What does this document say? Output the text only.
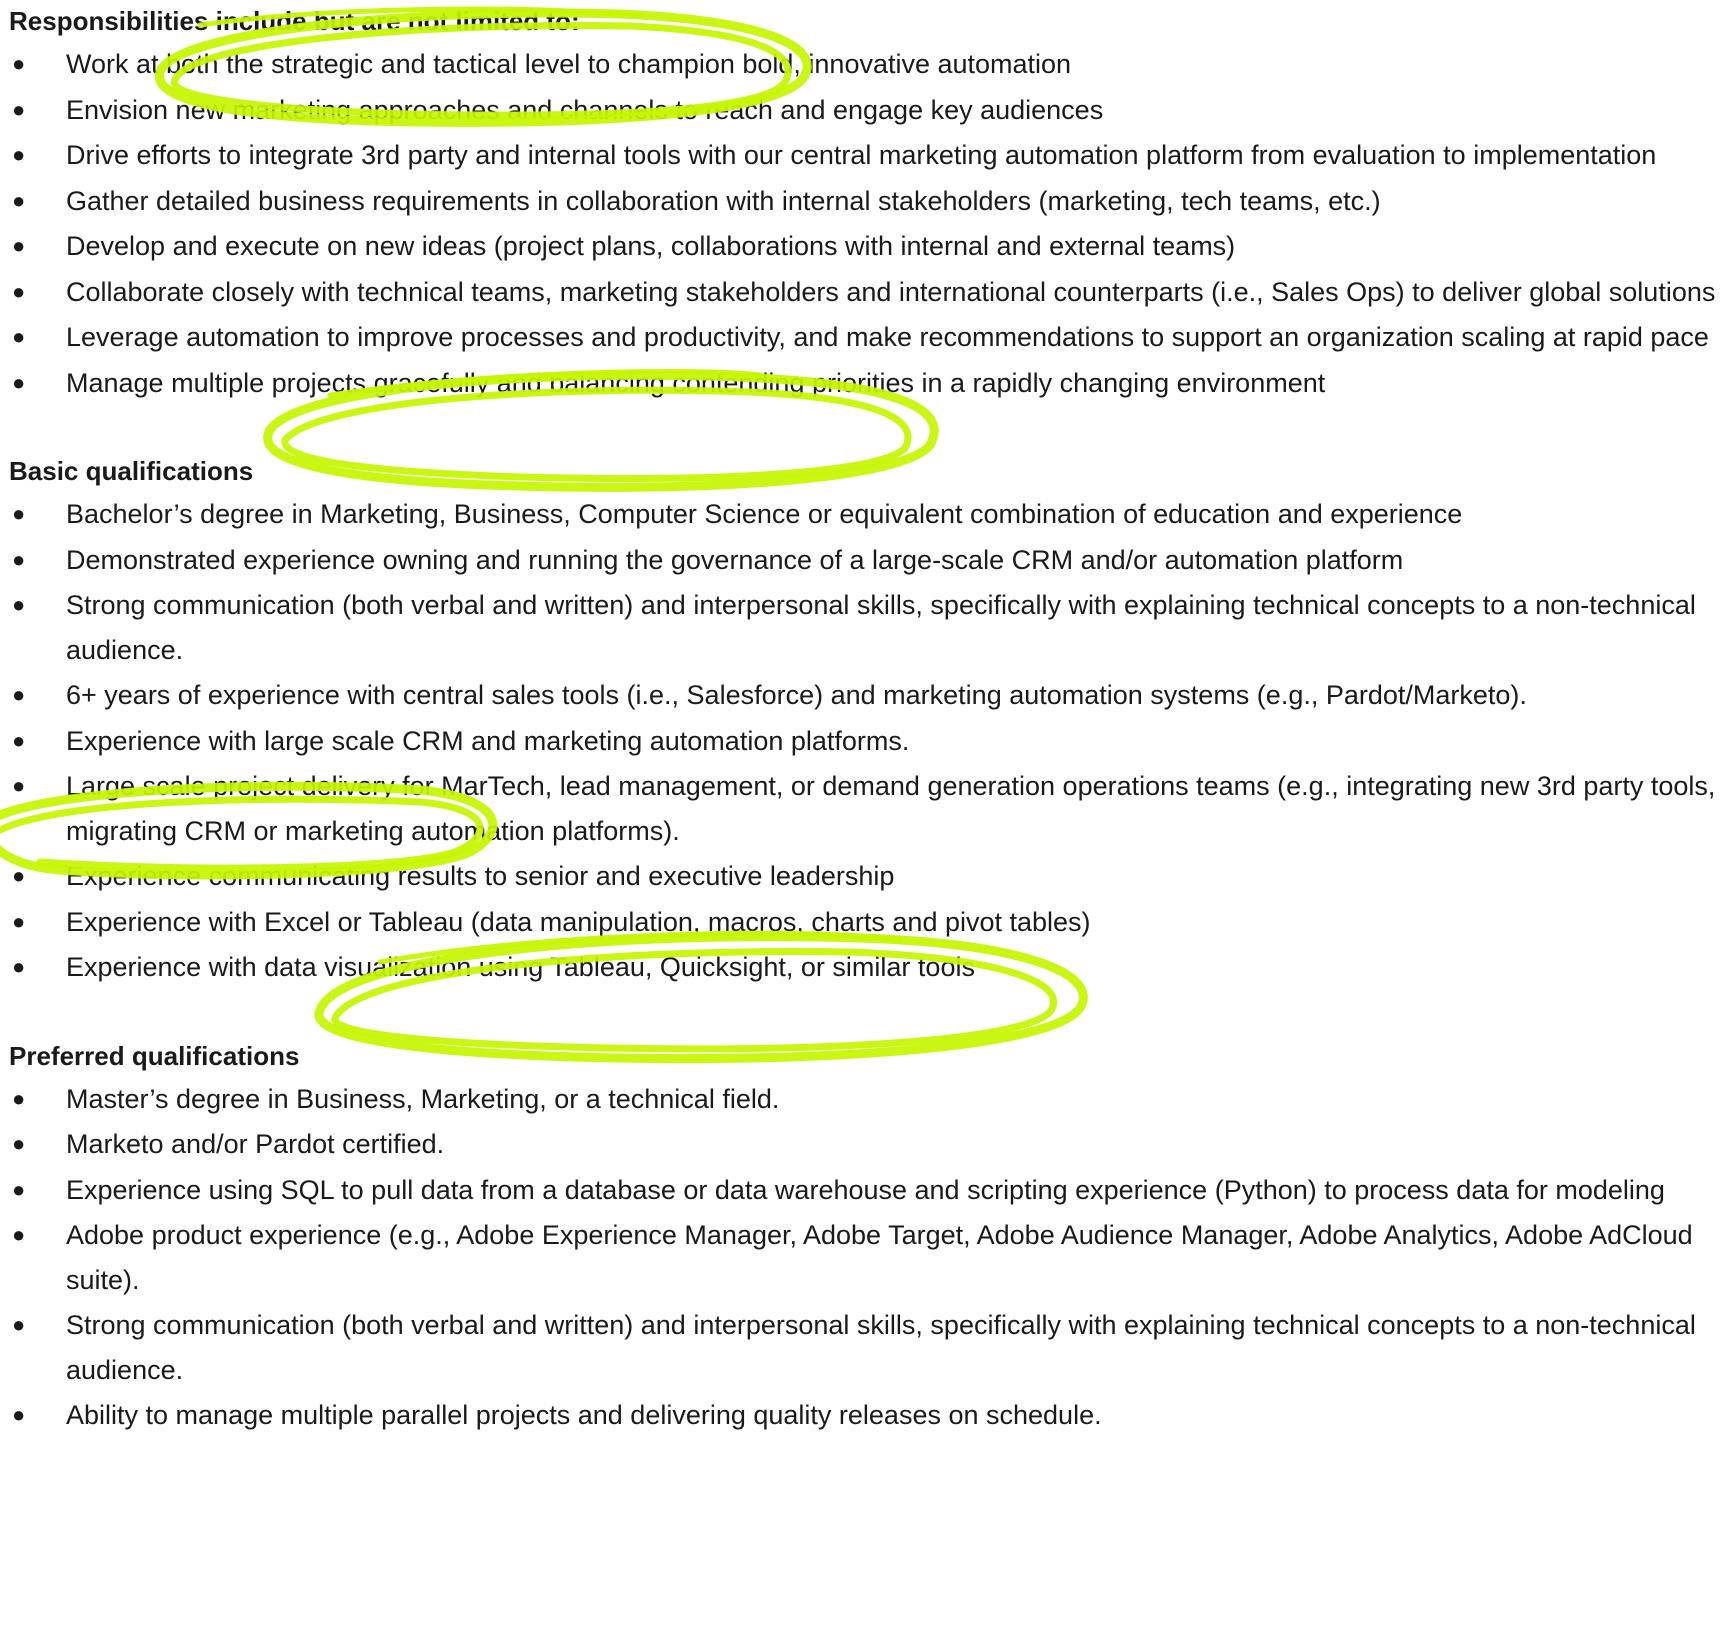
Responsibilities include but are not limited to:
● Work at both the strategic and tactical level to champion bold, innovative automation
● Envision new marketing approaches and channels to reach and engage key audiences
● Drive efforts to integrate 3rd party and internal tools with our central marketing automation platform from evaluation to implementation
● Gather detailed business requirements in collaboration with internal stakeholders (marketing, tech teams, etc.)
● Develop and execute on new ideas (project plans, collaborations with internal and external teams)
● Collaborate closely with technical teams, marketing stakeholders and international counterparts (i.e., Sales Ops) to deliver global solutions
● Leverage automation to improve processes and productivity, and make recommendations to support an organization scaling at rapid pace
● Manage multiple projects gracefully and balancing contending priorities in a rapidly changing environment
Basic qualifications
● Bachelor’s degree in Marketing, Business, Computer Science or equivalent combination of education and experience
● Demonstrated experience owning and running the governance of a large-scale CRM and/or automation platform
● Strong communication (both verbal and written) and interpersonal skills, specifically with explaining technical concepts to a non-technical audience.
● 6+ years of experience with central sales tools (i.e., Salesforce) and marketing automation systems (e.g., Pardot/Marketo).
● Experience with large scale CRM and marketing automation platforms.
● Large scale project delivery for MarTech, lead management, or demand generation operations teams (e.g., integrating new 3rd party tools, migrating CRM or marketing automation platforms).
● Experience communicating results to senior and executive leadership
● Experience with Excel or Tableau (data manipulation, macros, charts and pivot tables)
● Experience with data visualization using Tableau, Quicksight, or similar tools
Preferred qualifications
● Master’s degree in Business, Marketing, or a technical field.
● Marketo and/or Pardot certified.
● Experience using SQL to pull data from a database or data warehouse and scripting experience (Python) to process data for modeling
● Adobe product experience (e.g., Adobe Experience Manager, Adobe Target, Adobe Audience Manager, Adobe Analytics, Adobe AdCloud suite).
● Strong communication (both verbal and written) and interpersonal skills, specifically with explaining technical concepts to a non-technical audience.
● Ability to manage multiple parallel projects and delivering quality releases on schedule.
